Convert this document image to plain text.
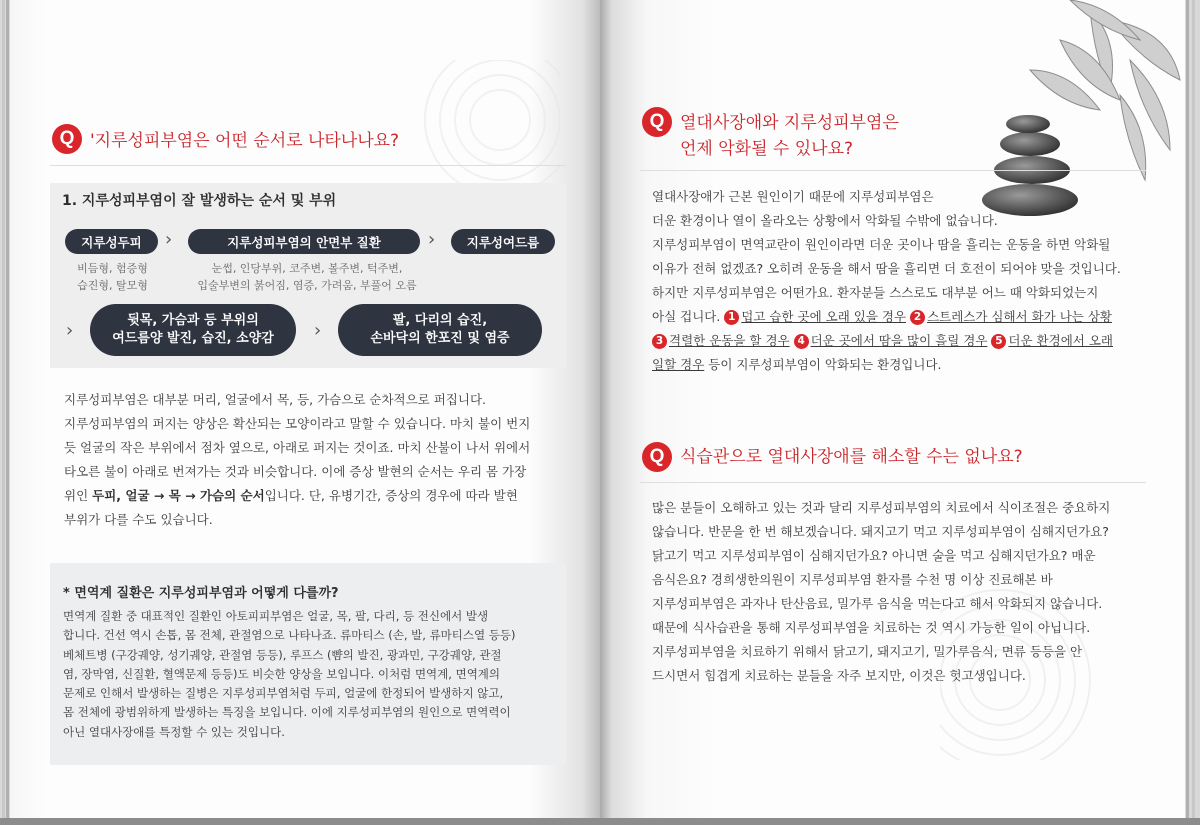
Q '지루성피부염은 어떤 순서로 나타나나요?
1. 지루성피부염이 잘 발생하는 순서 및 부위
지루성두피	›	지루성피부염의 안면부 질환	›	지루성여드름
비듬형, 험증형
습진형, 탈모형
눈썹, 인당부위, 코주변, 볼주변, 턱주변,
입술부변의 붉어짐, 염증, 가려움, 부풀어 오름
›	뒷목, 가슴과 등 부위의
여드름양 발진, 습진, 소양감 ›	팔, 다리의 습진,
손바닥의 한포진 및 염증
지루성피부염은 대부분 머리, 얼굴에서 목, 등, 가슴으로 순차적으로 퍼집니다.
지루성피부염의 퍼지는 양상은 확산되는 모양이라고 말할 수 있습니다. 마치 불이 번지
듯 얼굴의 작은 부위에서 점차 옆으로, 아래로 퍼지는 것이죠. 마치 산불이 나서 위에서
타오른 불이 아래로 번져가는 것과 비슷합니다. 이에 증상 발현의 순서는 우리 몸 가장
위인 두피, 얼굴 → 목 → 가슴의 순서입니다. 단, 유병기간, 증상의 경우에 따라 발현
부위가 다를 수도 있습니다.
* 면역계 질환은 지루성피부염과 어떻게 다를까?
면역계 질환 중 대표적인 질환인 아토피피부염은 얼굴, 목, 팔, 다리, 등 전신에서 발생
합니다. 건선 역시 손톱, 몸 전체, 관절염으로 나타나죠. 류마티스 (손, 발, 류마티스열 등등)
베체트병 (구강궤양, 성기궤양, 관절염 등등), 루프스 (뺨의 발진, 광과민, 구강궤양, 관절
염, 장막염, 신질환, 혈액문제 등등)도 비슷한 양상을 보입니다. 이처럼 면역계, 면역계의
문제로 인해서 발생하는 질병은 지루성피부염처럼 두피, 얼굴에 한정되어 발생하지 않고,
몸 전체에 광범위하게 발생하는 특징을 보입니다. 이에 지루성피부염의 원인으로 면역력이
아닌 열대사장애를 특정할 수 있는 것입니다.
Q 열대사장애와 지루성피부염은
언제 악화될 수 있나요?
열대사장애가 근본 원인이기 때문에 지루성피부염은
더운 환경이나 열이 올라오는 상황에서 악화될 수밖에 없습니다.
지루성피부염이 면역교란이 원인이라면 더운 곳이나 땀을 흘리는 운동을 하면 악화될
이유가 전혀 없겠죠? 오히려 운동을 해서 땀을 흘리면 더 호전이 되어야 맞을 것입니다.
하지만 지루성피부염은 어떤가요. 환자분들 스스로도 대부분 어느 때 악화되었는지
아실 겁니다. 1 덥고 습한 곳에 오래 있을 경우 2 스트레스가 심해서 화가 나는 상황
3 격렬한 운동을 할 경우 4 더운 곳에서 땀을 많이 흘릴 경우 5 더운 환경에서 오래
일할 경우 등이 지루성피부염이 악화되는 환경입니다.
Q 식습관으로 열대사장애를 해소할 수는 없나요?
많은 분들이 오해하고 있는 것과 달리 지루성피부염의 치료에서 식이조절은 중요하지
않습니다. 반문을 한 번 해보겠습니다. 돼지고기 먹고 지루성피부염이 심해지던가요?
닭고기 먹고 지루성피부염이 심해지던가요? 아니면 술을 먹고 심해지던가요? 매운
음식은요? 경희생한의원이 지루성피부염 환자를 수천 명 이상 진료해본 바
지루성피부염은 과자나 탄산음료, 밀가루 음식을 먹는다고 해서 악화되지 않습니다.
때문에 식사습관을 통해 지루성피부염을 치료하는 것 역시 가능한 일이 아닙니다.
지루성피부염을 치료하기 위해서 닭고기, 돼지고기, 밀가루음식, 면류 등등을 안
드시면서 힘겹게 치료하는 분들을 자주 보지만, 이것은 헛고생입니다.
